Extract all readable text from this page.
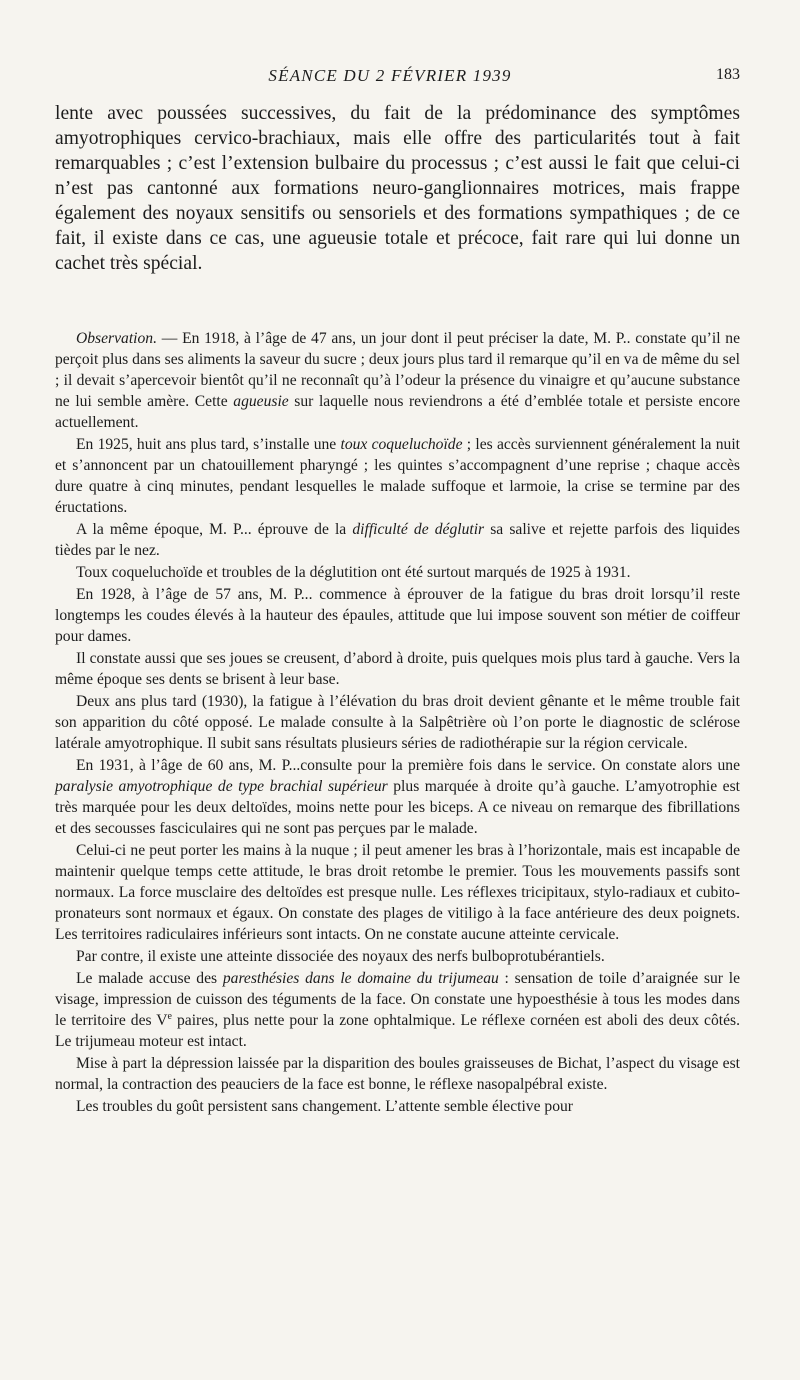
SÉANCE DU 2 FÉVRIER 1939	183

lente avec poussées successives, du fait de la prédominance des symptômes amyotrophiques cervico-brachiaux, mais elle offre des particularités tout à fait remarquables ; c’est l’extension bulbaire du processus ; c’est aussi le fait que celui-ci n’est pas cantonné aux formations neuro-ganglionnaires motrices, mais frappe également des noyaux sensitifs ou sensoriels et des formations sympathiques ; de ce fait, il existe dans ce cas, une agueusie totale et précoce, fait rare qui lui donne un cachet très spécial.

Observation. — En 1918, à l’âge de 47 ans, un jour dont il peut préciser la date, M. P.. constate qu’il ne perçoit plus dans ses aliments la saveur du sucre ; deux jours plus tard il remarque qu’il en va de même du sel ; il devait s’apercevoir bientôt qu’il ne reconnaît qu’à l’odeur la présence du vinaigre et qu’aucune substance ne lui semble amère. Cette agueusie sur laquelle nous reviendrons a été d’emblée totale et persiste encore actuellement.

En 1925, huit ans plus tard, s’installe une toux coqueluchoïde ; les accès surviennent généralement la nuit et s’annoncent par un chatouillement pharyngé ; les quintes s’accompagnent d’une reprise ; chaque accès dure quatre à cinq minutes, pendant lesquelles le malade suffoque et larmoie, la crise se termine par des éructations.

A la même époque, M. P... éprouve de la difficulté de déglutir sa salive et rejette parfois des liquides tièdes par le nez.

Toux coqueluchoïde et troubles de la déglutition ont été surtout marqués de 1925 à 1931.

En 1928, à l’âge de 57 ans, M. P... commence à éprouver de la fatigue du bras droit lorsqu’il reste longtemps les coudes élevés à la hauteur des épaules, attitude que lui impose souvent son métier de coiffeur pour dames.

Il constate aussi que ses joues se creusent, d’abord à droite, puis quelques mois plus tard à gauche. Vers la même époque ses dents se brisent à leur base.

Deux ans plus tard (1930), la fatigue à l’élévation du bras droit devient gênante et le même trouble fait son apparition du côté opposé. Le malade consulte à la Salpêtrière où l’on porte le diagnostic de sclérose latérale amyotrophique. Il subit sans résultats plusieurs séries de radiothérapie sur la région cervicale.

En 1931, à l’âge de 60 ans, M. P...consulte pour la première fois dans le service. On constate alors une paralysie amyotrophique de type brachial supérieur plus marquée à droite qu’à gauche. L’amyotrophie est très marquée pour les deux deltoïdes, moins nette pour les biceps. A ce niveau on remarque des fibrillations et des secousses fasciculaires qui ne sont pas perçues par le malade.

Celui-ci ne peut porter les mains à la nuque ; il peut amener les bras à l’horizontale, mais est incapable de maintenir quelque temps cette attitude, le bras droit retombe le premier. Tous les mouvements passifs sont normaux. La force musclaire des deltoïdes est presque nulle. Les réflexes tricipitaux, stylo-radiaux et cubito-pronateurs sont normaux et égaux. On constate des plages de vitiligo à la face antérieure des deux poignets. Les territoires radiculaires inférieurs sont intacts. On ne constate aucune atteinte cervicale.

Par contre, il existe une atteinte dissociée des noyaux des nerfs bulboprotubérantiels.

Le malade accuse des paresthésies dans le domaine du trijumeau : sensation de toile d’araignée sur le visage, impression de cuisson des téguments de la face. On constate une hypoesthésie à tous les modes dans le territoire des Ve paires, plus nette pour la zone ophtalmique. Le réflexe cornéen est aboli des deux côtés. Le trijumeau moteur est intact.

Mise à part la dépression laissée par la disparition des boules graisseuses de Bichat, l’aspect du visage est normal, la contraction des peauciers de la face est bonne, le réflexe nasopalpébral existe.

Les troubles du goût persistent sans changement. L’attente semble élective pour
